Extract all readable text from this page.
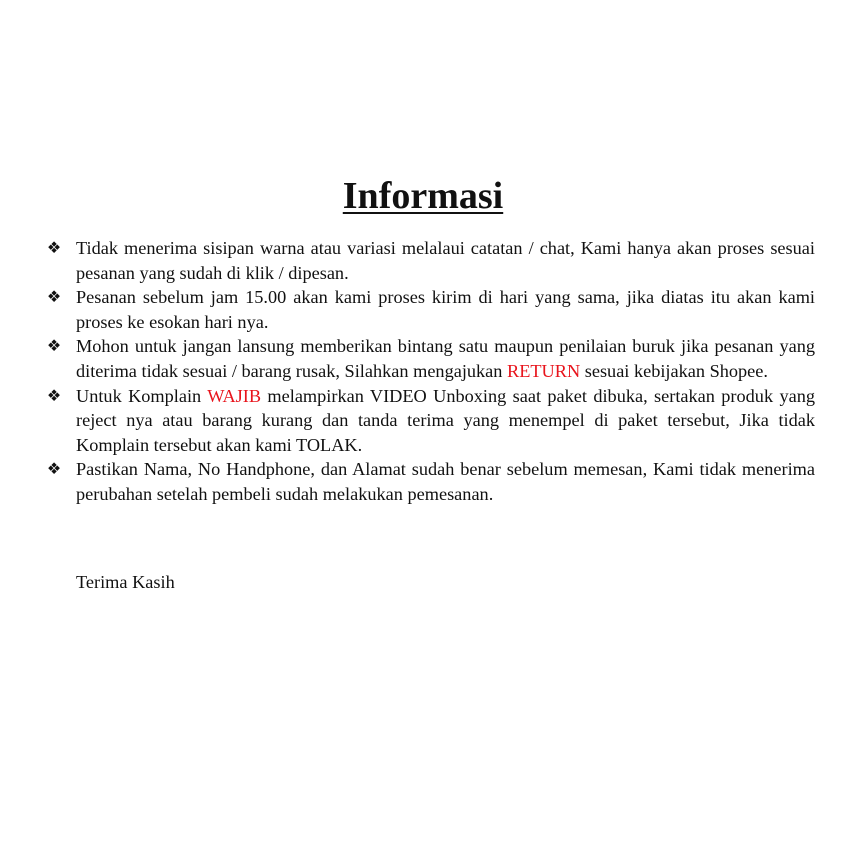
Informasi
❖ Tidak menerima sisipan warna atau variasi melalaui catatan / chat, Kami hanya akan proses sesuai pesanan yang sudah di klik / dipesan.
❖ Pesanan sebelum jam 15.00 akan kami proses kirim di hari yang sama, jika diatas itu akan kami proses ke esokan hari nya.
❖ Mohon untuk jangan lansung memberikan bintang satu maupun penilaian buruk jika pesanan yang diterima tidak sesuai / barang rusak, Silahkan mengajukan RETURN sesuai kebijakan Shopee.
❖ Untuk Komplain WAJIB melampirkan VIDEO Unboxing saat paket dibuka, sertakan produk yang reject nya atau barang kurang dan tanda terima yang menempel di paket tersebut, Jika tidak Komplain tersebut akan kami TOLAK.
❖ Pastikan Nama, No Handphone, dan Alamat sudah benar sebelum memesan, Kami tidak menerima perubahan setelah pembeli sudah melakukan pemesanan.

Terima Kasih
